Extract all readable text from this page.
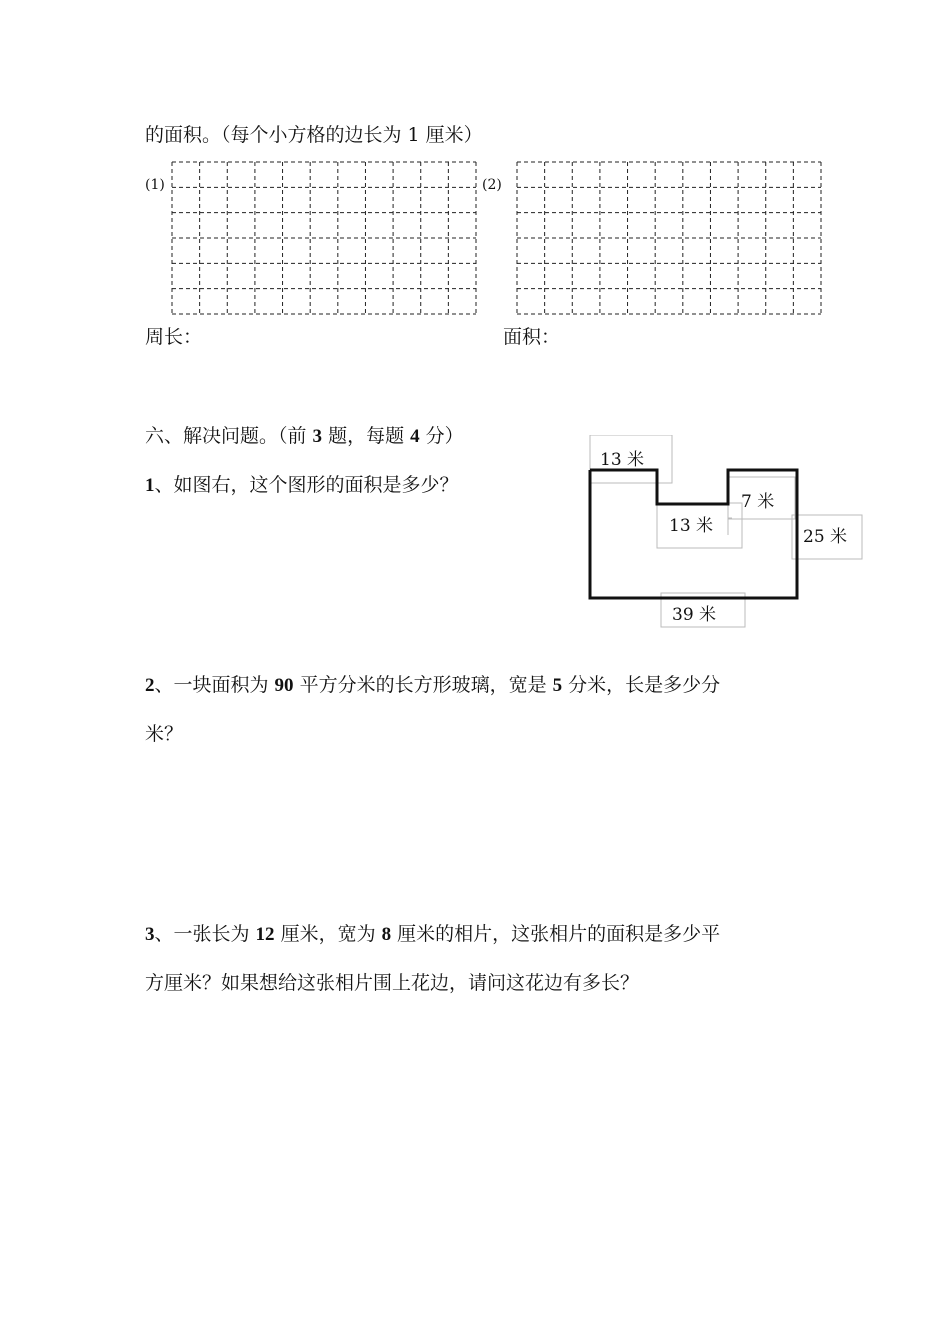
的面积。（每个小方格的边长为 1 厘米）
(1)	(2)
周长：	面积：
六、解决问题。（前 3 题，每题 4 分）
1、如图右，这个图形的面积是多少？
13 米
13 米
7 米
25 米
39 米
2、一块面积为 90 平方分米的长方形玻璃，宽是 5 分米，长是多少分
米？
3、一张长为 12 厘米，宽为 8 厘米的相片，这张相片的面积是多少平
方厘米？如果想给这张相片围上花边，请问这花边有多长？
